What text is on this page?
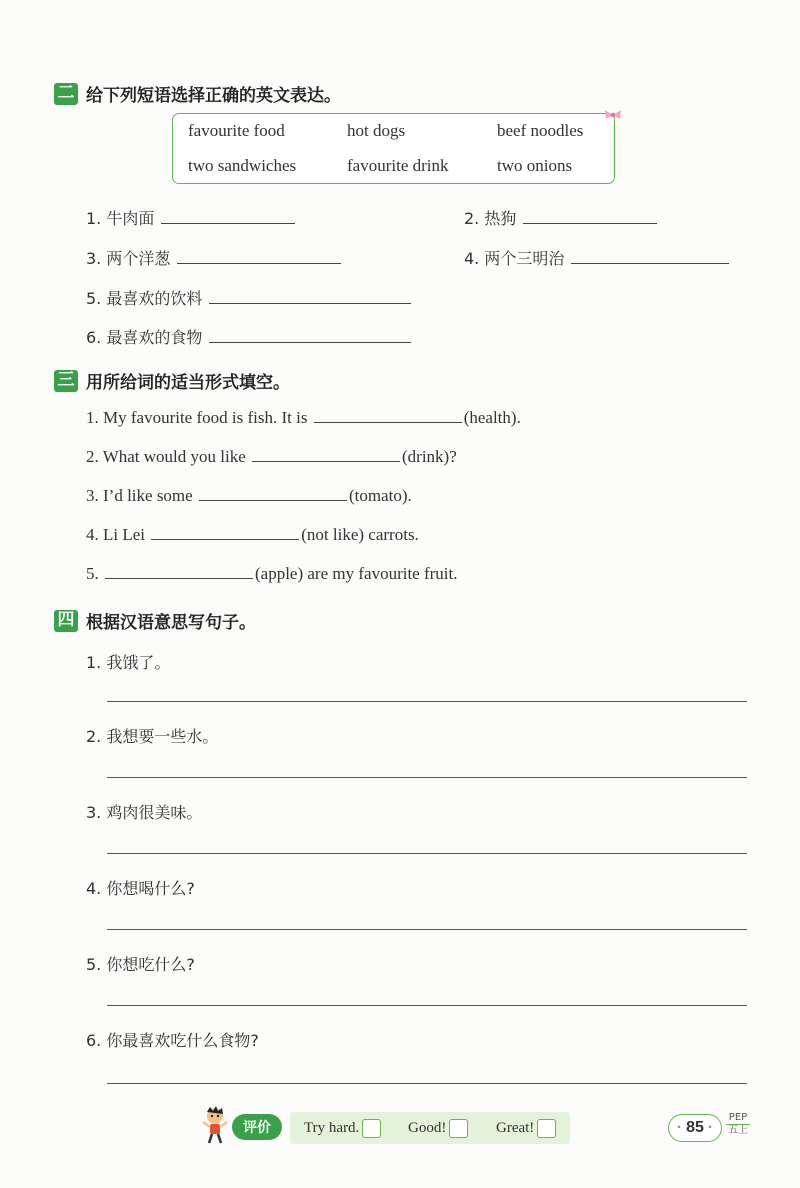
二 给下列短语选择正确的英文表达。
favourite food	hot dogs	beef noodles
two sandwiches	favourite drink	two onions
1. 牛肉面	2. 热狗
3. 两个洋葱	4. 两个三明治
5. 最喜欢的饮料
6. 最喜欢的食物
三 用所给词的适当形式填空。
1. My favourite food is fish. It is	(health).
2. What would you like	(drink)?
3. I’d like some	(tomato).
4. Li Lei	(not like) carrots.
5.	(apple) are my favourite fruit.
四 根据汉语意思写句子。
1. 我饿了。
2. 我想要一些水。
3. 鸡肉很美味。
4. 你想喝什么?
5. 你想吃什么?
6. 你最喜欢吃什么食物?
评价 Try hard.	Good!	Great!	· 85 ·
PEP
五上
